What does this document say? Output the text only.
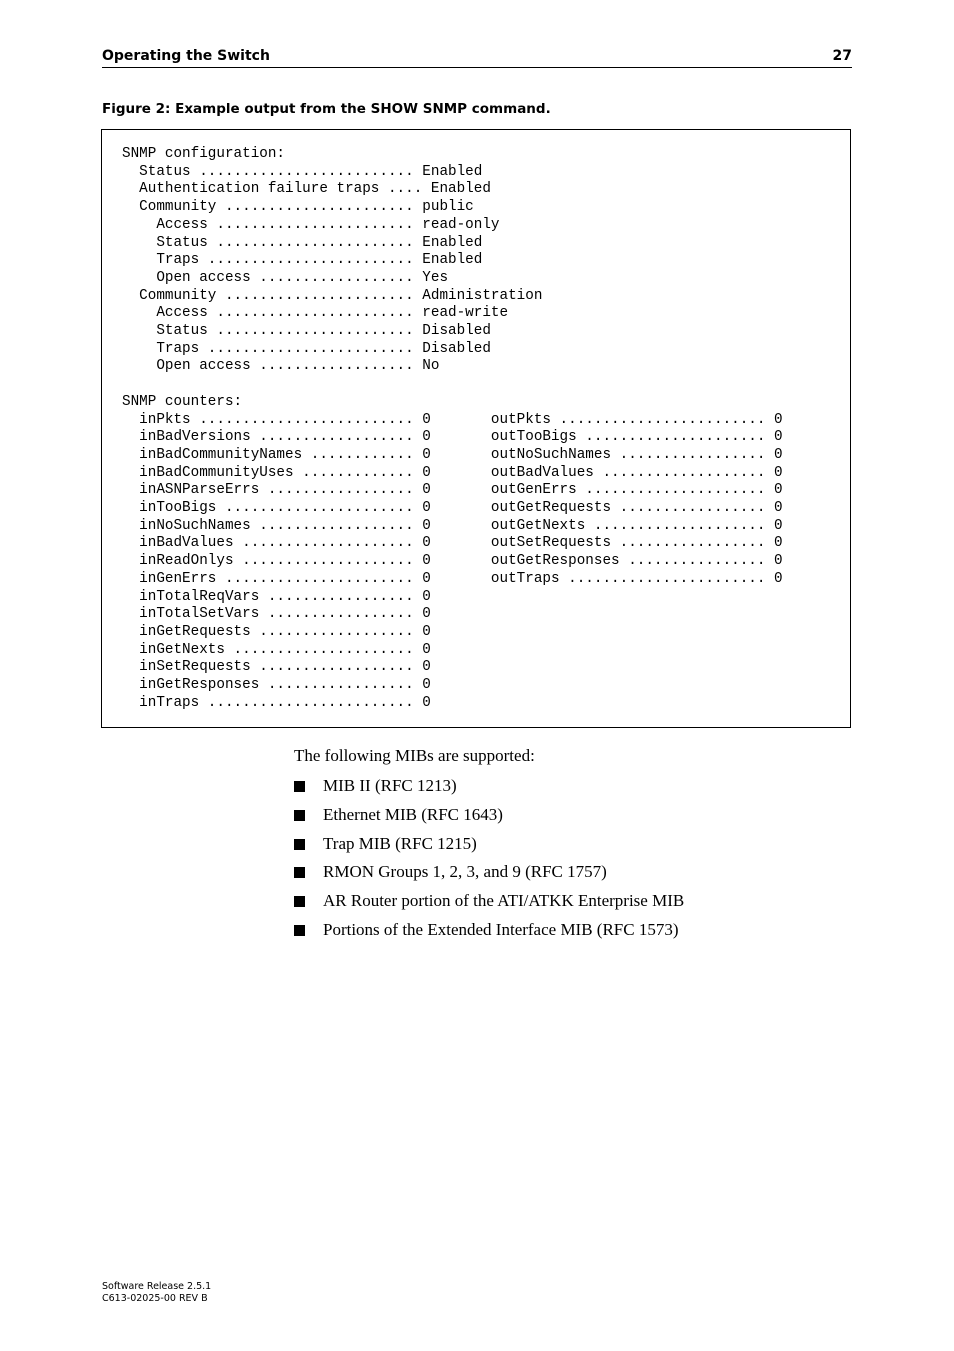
Operating the Switch	27
Figure 2: Example output from the SHOW SNMP command.
SNMP configuration:
Status ......................... Enabled
Authentication failure traps .... Enabled
Community ...................... public
Access ....................... read-only
Status ....................... Enabled
Traps ........................ Enabled
Open access .................. Yes
Community ...................... Administration
Access ....................... read-write
Status ....................... Disabled
Traps ........................ Disabled
Open access .................. No

SNMP counters:
inPkts ......................... 0       outPkts ........................ 0
inBadVersions .................. 0       outTooBigs ..................... 0
inBadCommunityNames ............ 0       outNoSuchNames ................. 0
inBadCommunityUses ............. 0       outBadValues ................... 0
inASNParseErrs ................. 0       outGenErrs ..................... 0
inTooBigs ...................... 0       outGetRequests ................. 0
inNoSuchNames .................. 0       outGetNexts .................... 0
inBadValues .................... 0       outSetRequests ................. 0
inReadOnlys .................... 0       outGetResponses ................ 0
inGenErrs ...................... 0       outTraps ....................... 0
inTotalReqVars ................. 0
inTotalSetVars ................. 0
inGetRequests .................. 0
inGetNexts ..................... 0
inSetRequests .................. 0
inGetResponses ................. 0
inTraps ........................ 0

The following MIBs are supported:
MIB II (RFC 1213)
Ethernet MIB (RFC 1643)
Trap MIB (RFC 1215)
RMON Groups 1, 2, 3, and 9 (RFC 1757)
AR Router portion of the ATI/ATKK Enterprise MIB
Portions of the Extended Interface MIB (RFC 1573)
Software Release 2.5.1
C613-02025-00 REV B
